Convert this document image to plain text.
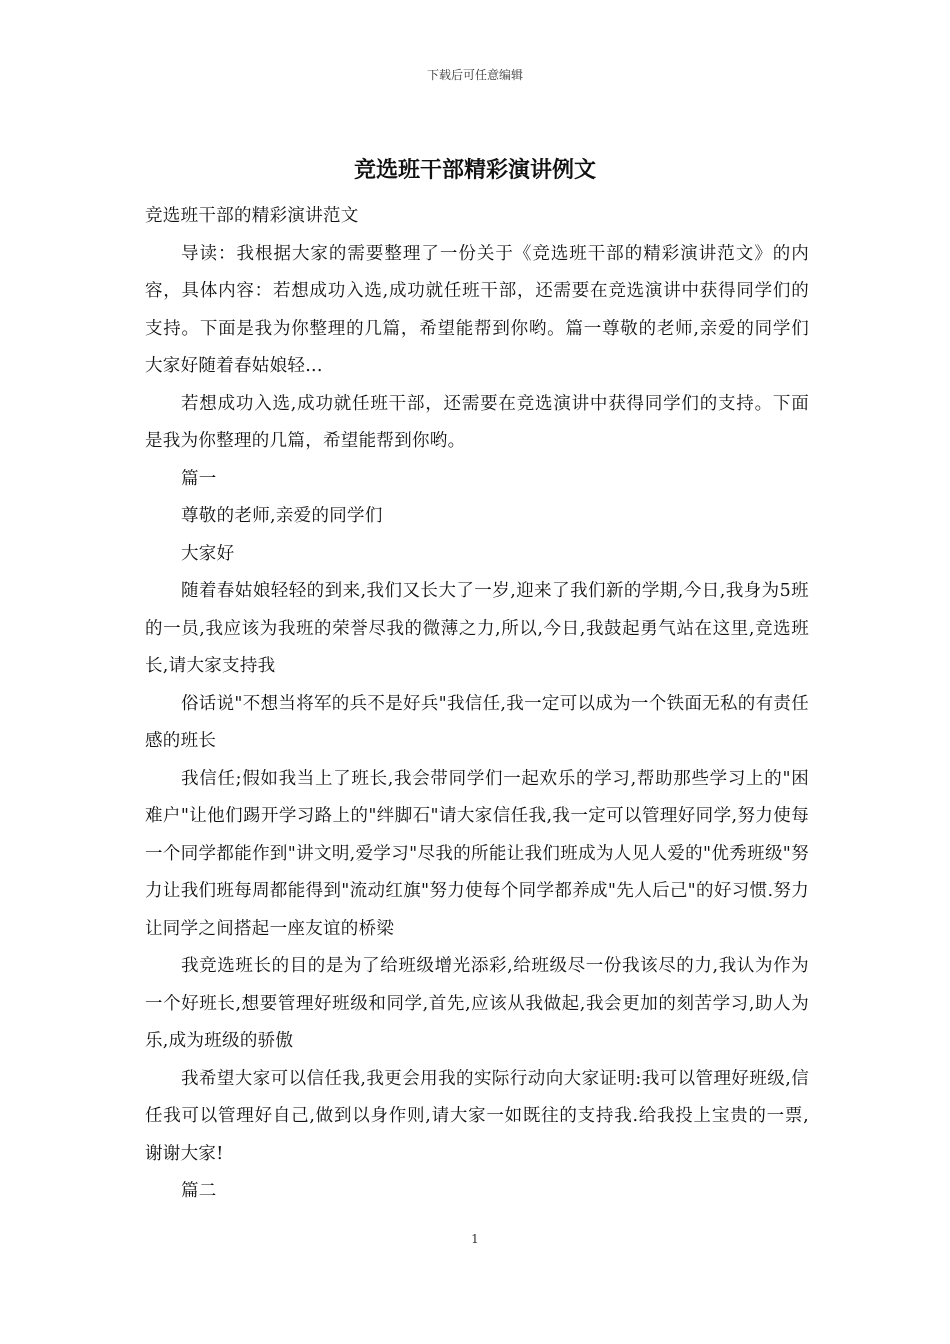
下载后可任意编辑
竞选班干部精彩演讲例文

竞选班干部的精彩演讲范文

导读：我根据大家的需要整理了一份关于《竞选班干部的精彩演讲范文》的内容，具体内容：若想成功入选,成功就任班干部，还需要在竞选演讲中获得同学们的支持。下面是我为你整理的几篇，希望能帮到你哟。篇一尊敬的老师,亲爱的同学们大家好随着春姑娘轻...

若想成功入选,成功就任班干部，还需要在竞选演讲中获得同学们的支持。下面是我为你整理的几篇，希望能帮到你哟。

篇一

尊敬的老师,亲爱的同学们

大家好

随着春姑娘轻轻的到来,我们又长大了一岁,迎来了我们新的学期,今日,我身为5班的一员,我应该为我班的荣誉尽我的微薄之力,所以,今日,我鼓起勇气站在这里,竞选班长,请大家支持我

俗话说"不想当将军的兵不是好兵"我信任,我一定可以成为一个铁面无私的有责任感的班长

我信任;假如我当上了班长,我会带同学们一起欢乐的学习,帮助那些学习上的"困难户"让他们踢开学习路上的"绊脚石"请大家信任我,我一定可以管理好同学,努力使每一个同学都能作到"讲文明,爱学习"尽我的所能让我们班成为人见人爱的"优秀班级"努力让我们班每周都能得到"流动红旗"努力使每个同学都养成"先人后己"的好习惯.努力让同学之间搭起一座友谊的桥梁

我竞选班长的目的是为了给班级增光添彩,给班级尽一份我该尽的力,我认为作为一个好班长,想要管理好班级和同学,首先,应该从我做起,我会更加的刻苦学习,助人为乐,成为班级的骄傲

我希望大家可以信任我,我更会用我的实际行动向大家证明:我可以管理好班级,信任我可以管理好自己,做到以身作则,请大家一如既往的支持我.给我投上宝贵的一票,谢谢大家!

篇二

1
